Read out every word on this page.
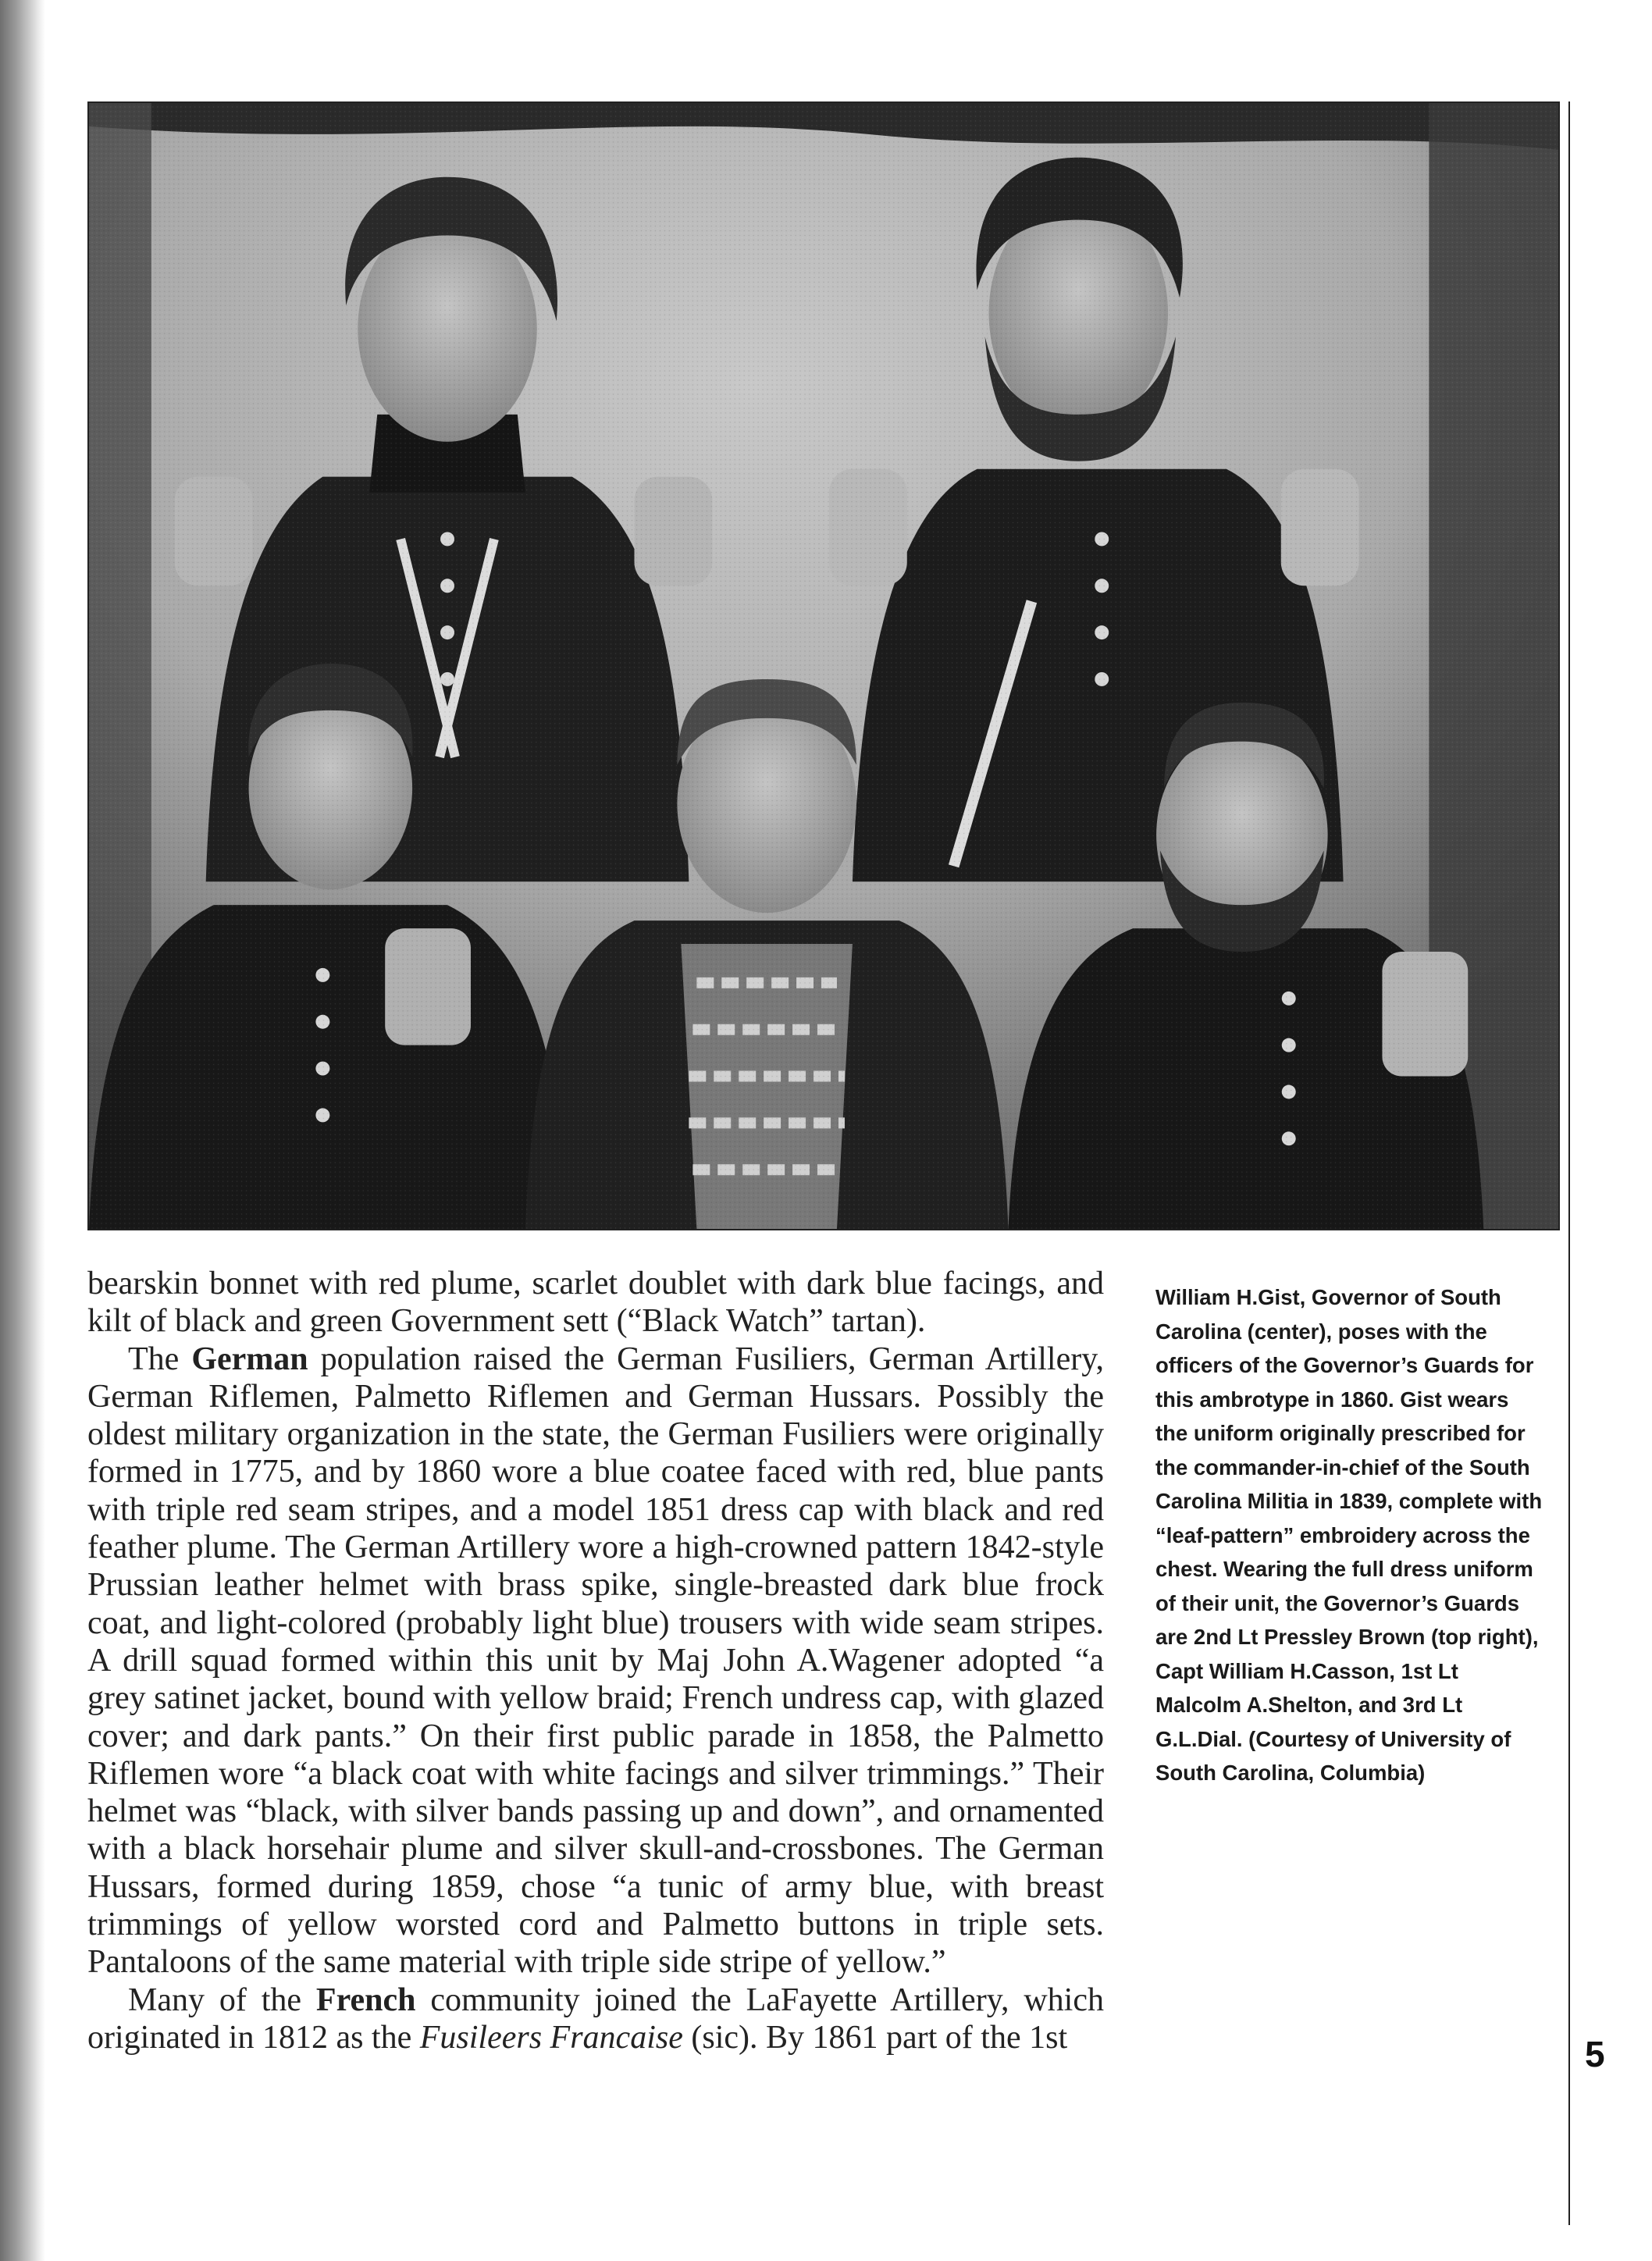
bearskin bonnet with red plume, scarlet doublet with dark blue facings, and kilt of black and green Government sett (“Black Watch” tartan).

The German population raised the German Fusiliers, German Artillery, German Riflemen, Palmetto Riflemen and German Hussars. Possibly the oldest military organization in the state, the German Fusiliers were originally formed in 1775, and by 1860 wore a blue coatee faced with red, blue pants with triple red seam stripes, and a model 1851 dress cap with black and red feather plume. The German Artillery wore a high-crowned pattern 1842-style Prussian leather helmet with brass spike, single-breasted dark blue frock coat, and light-colored (probably light blue) trousers with wide seam stripes. A drill squad formed within this unit by Maj John A.Wagener adopted “a grey satinet jacket, bound with yellow braid; French undress cap, with glazed cover; and dark pants.” On their first public parade in 1858, the Palmetto Riflemen wore “a black coat with white facings and silver trimmings.” Their helmet was “black, with silver bands passing up and down”, and ornamented with a black horsehair plume and silver skull-and-crossbones. The German Hussars, formed during 1859, chose “a tunic of army blue, with breast trimmings of yellow worsted cord and Palmetto buttons in triple sets. Pantaloons of the same material with triple side stripe of yellow.”

Many of the French community joined the LaFayette Artillery, which originated in 1812 as the Fusileers Francaise (sic). By 1861 part of the 1st

William H.Gist, Governor of South Carolina (center), poses with the officers of the Governor’s Guards for this ambrotype in 1860. Gist wears the uniform originally prescribed for the commander-in-chief of the South Carolina Militia in 1839, complete with “leaf-pattern” embroidery across the chest. Wearing the full dress uniform of their unit, the Governor’s Guards are 2nd Lt Pressley Brown (top right), Capt William H.Casson, 1st Lt Malcolm A.Shelton, and 3rd Lt G.L.Dial. (Courtesy of University of South Carolina, Columbia)
5
